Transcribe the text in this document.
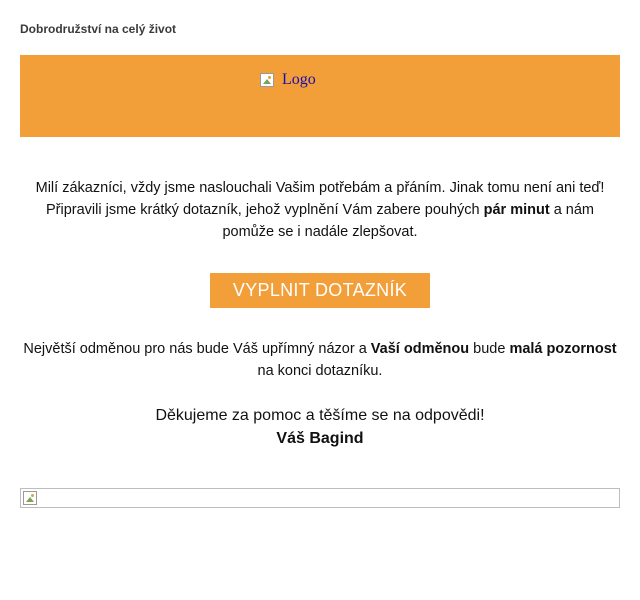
Dobrodružství na celý život
Logo

Milí zákazníci, vždy jsme naslouchali Vašim potřebám a přáním. Jinak tomu není ani teď! Připravili jsme krátký dotazník, jehož vyplnění Vám zabere pouhých pár minut a nám pomůže se i nadále zlepšovat.

VYPLNIT DOTAZNÍK

Největší odměnou pro nás bude Váš upřímný názor a Vaší odměnou bude malá pozornost na konci dotazníku.

Děkujeme za pomoc a těšíme se na odpovědi!
Váš Bagind
